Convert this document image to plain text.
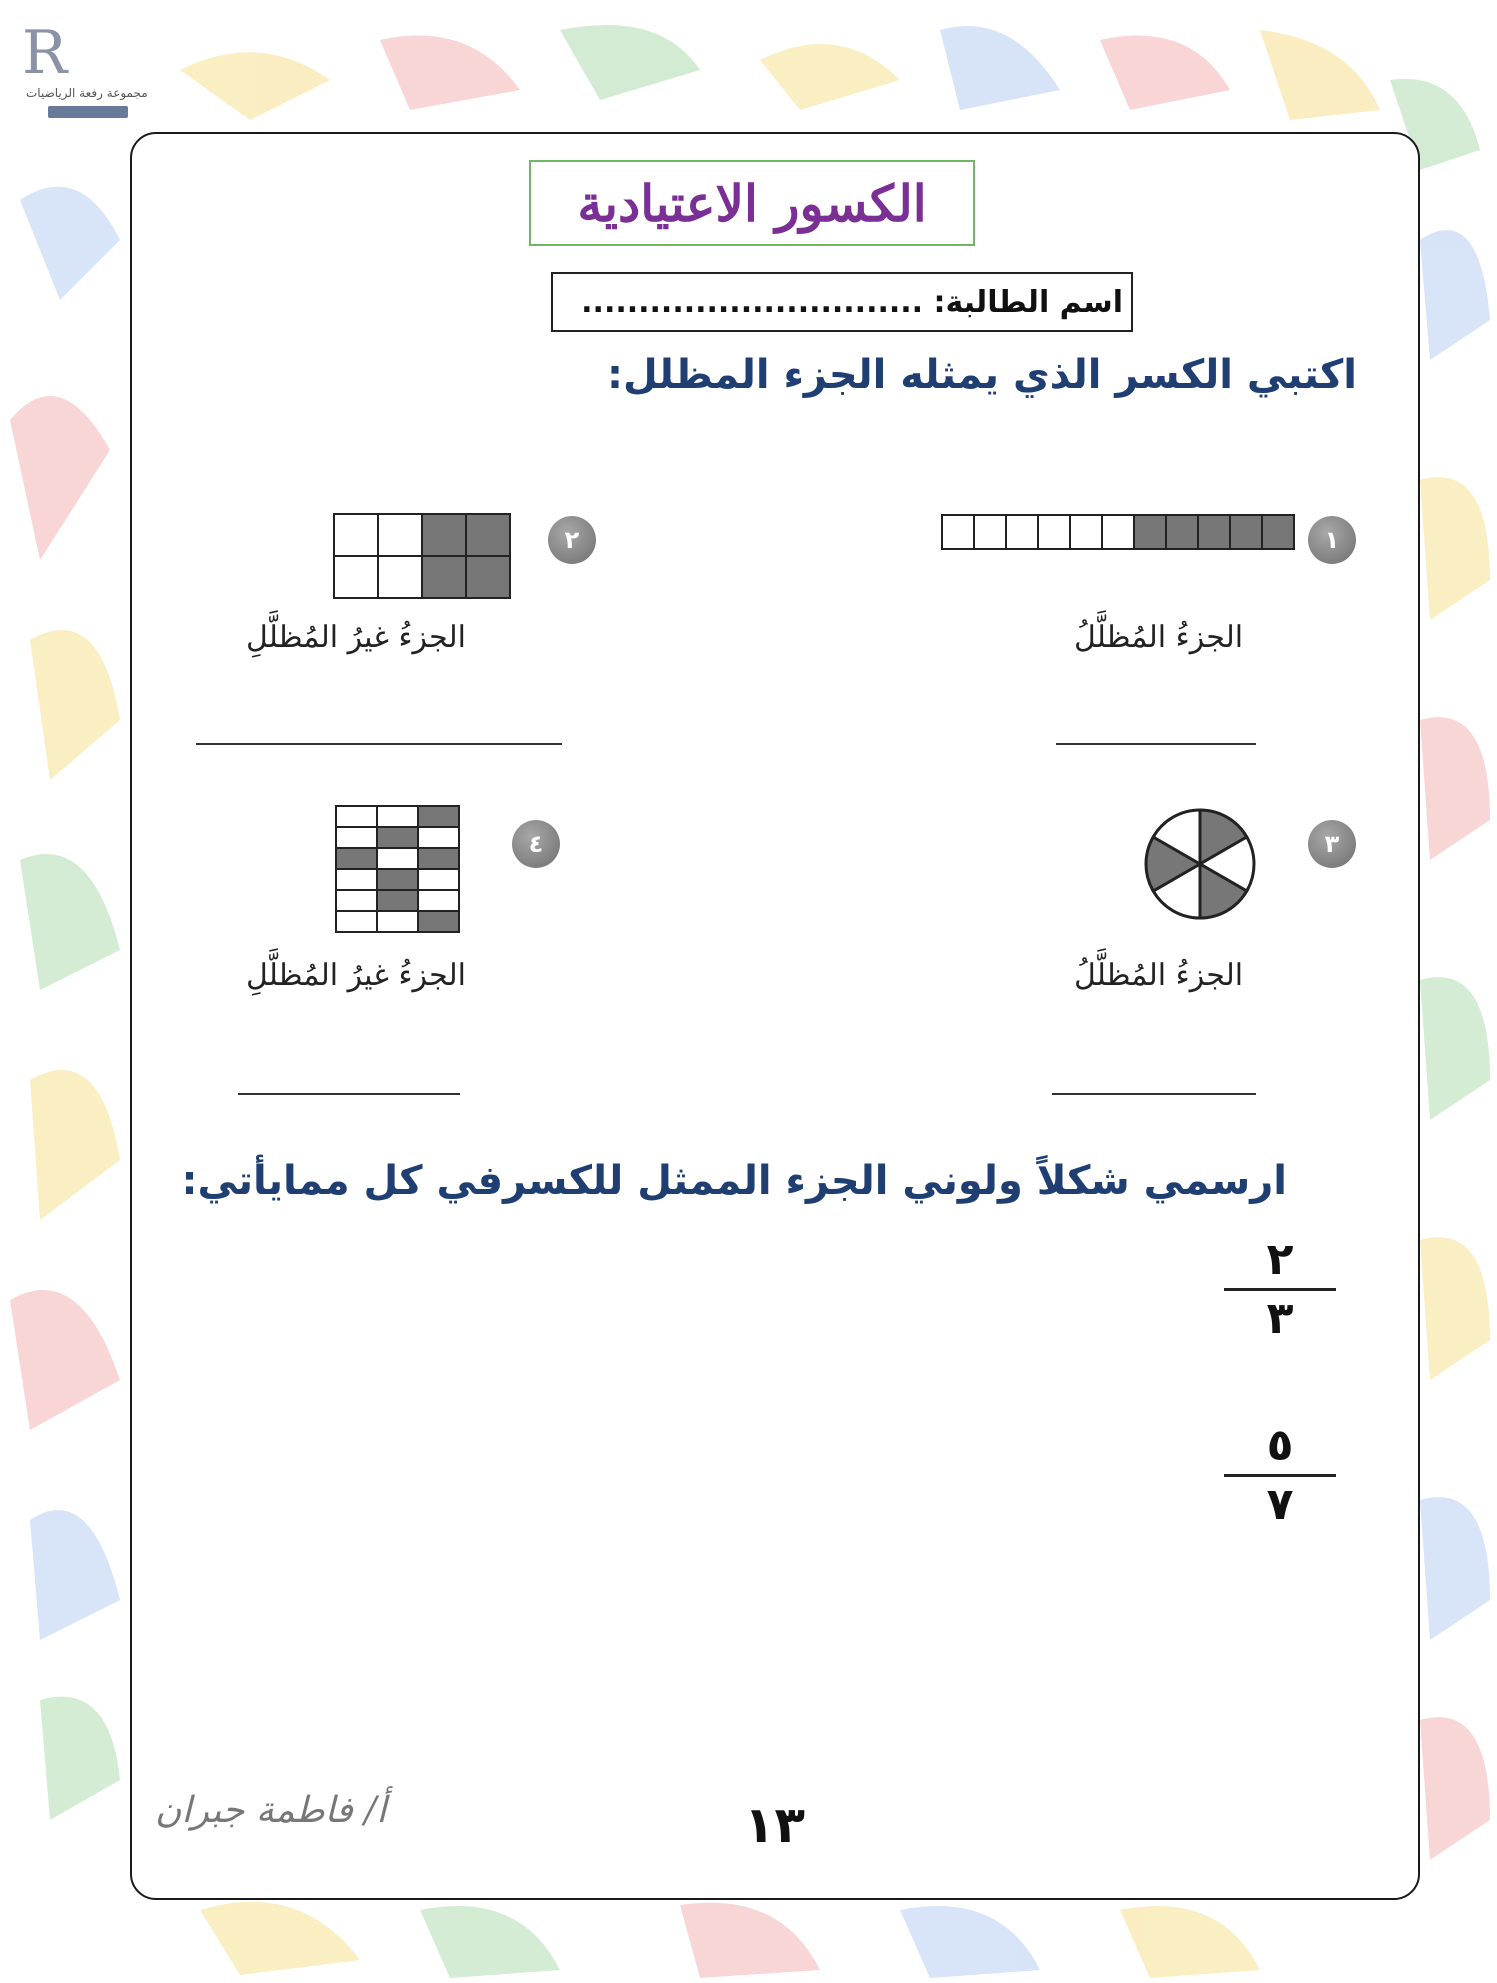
R
مجموعة رفعة الرياضيات
الكسور الاعتيادية
اسم الطالبة: ..............................
اكتبي الكسر الذي يمثله الجزء المظلل:
١
الجزءُ المُظلَّلُ
٢
الجزءُ غيرُ المُظلَّلِ
٣
الجزءُ المُظلَّلُ
٤
الجزءُ غيرُ المُظلَّلِ
ارسمي شكلاً ولوني الجزء الممثل للكسرفي كل ممايأتي:
٢
٣
٥
٧
أ/ فاطمة جبران	١٣
